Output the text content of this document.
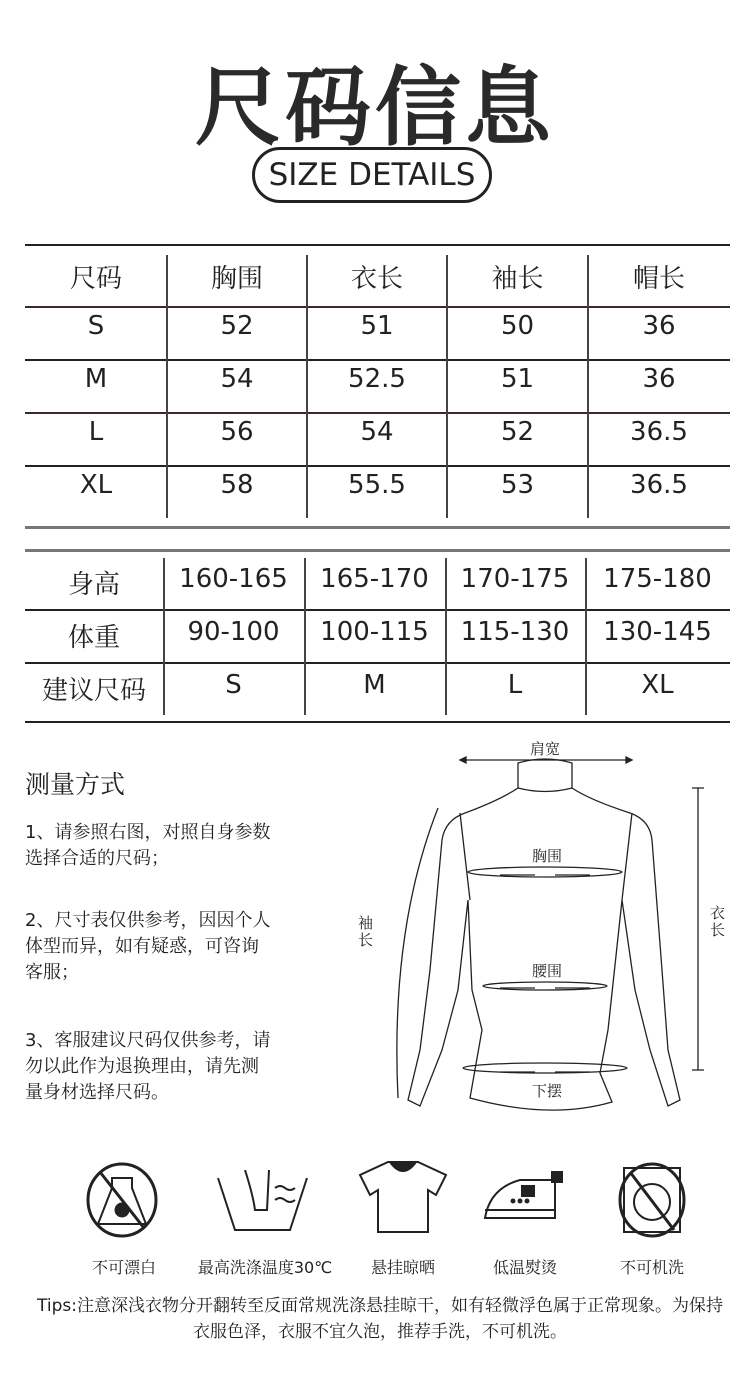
尺码信息
SIZE DETAILS
尺码	胸围	衣长	袖长	帽长
S	52	51	50	36
M	54	52.5	51	36
L	56	54	52	36.5
XL	58	55.5	53	36.5
身高	160-165	165-170	170-175	175-180
体重	90-100	100-115	115-130	130-145
建议尺码	S	M	L	XL
测量方式
1、请参照右图，对照自身参数选择合适的尺码；
2、尺寸表仅供参考，因因个人体型而异，如有疑惑，可咨询客服；
3、客服建议尺码仅供参考，请勿以此作为退换理由，请先测量身材选择尺码。
肩宽
胸围
腰围
下摆
袖长
衣长
不可漂白	最高洗涤温度30℃	悬挂晾晒	低温熨烫	不可机洗
Tips:注意深浅衣物分开翻转至反面常规洗涤悬挂晾干，如有轻微浮色属于正常现象。为保持衣服色泽，衣服不宜久泡，推荐手洗，不可机洗。
